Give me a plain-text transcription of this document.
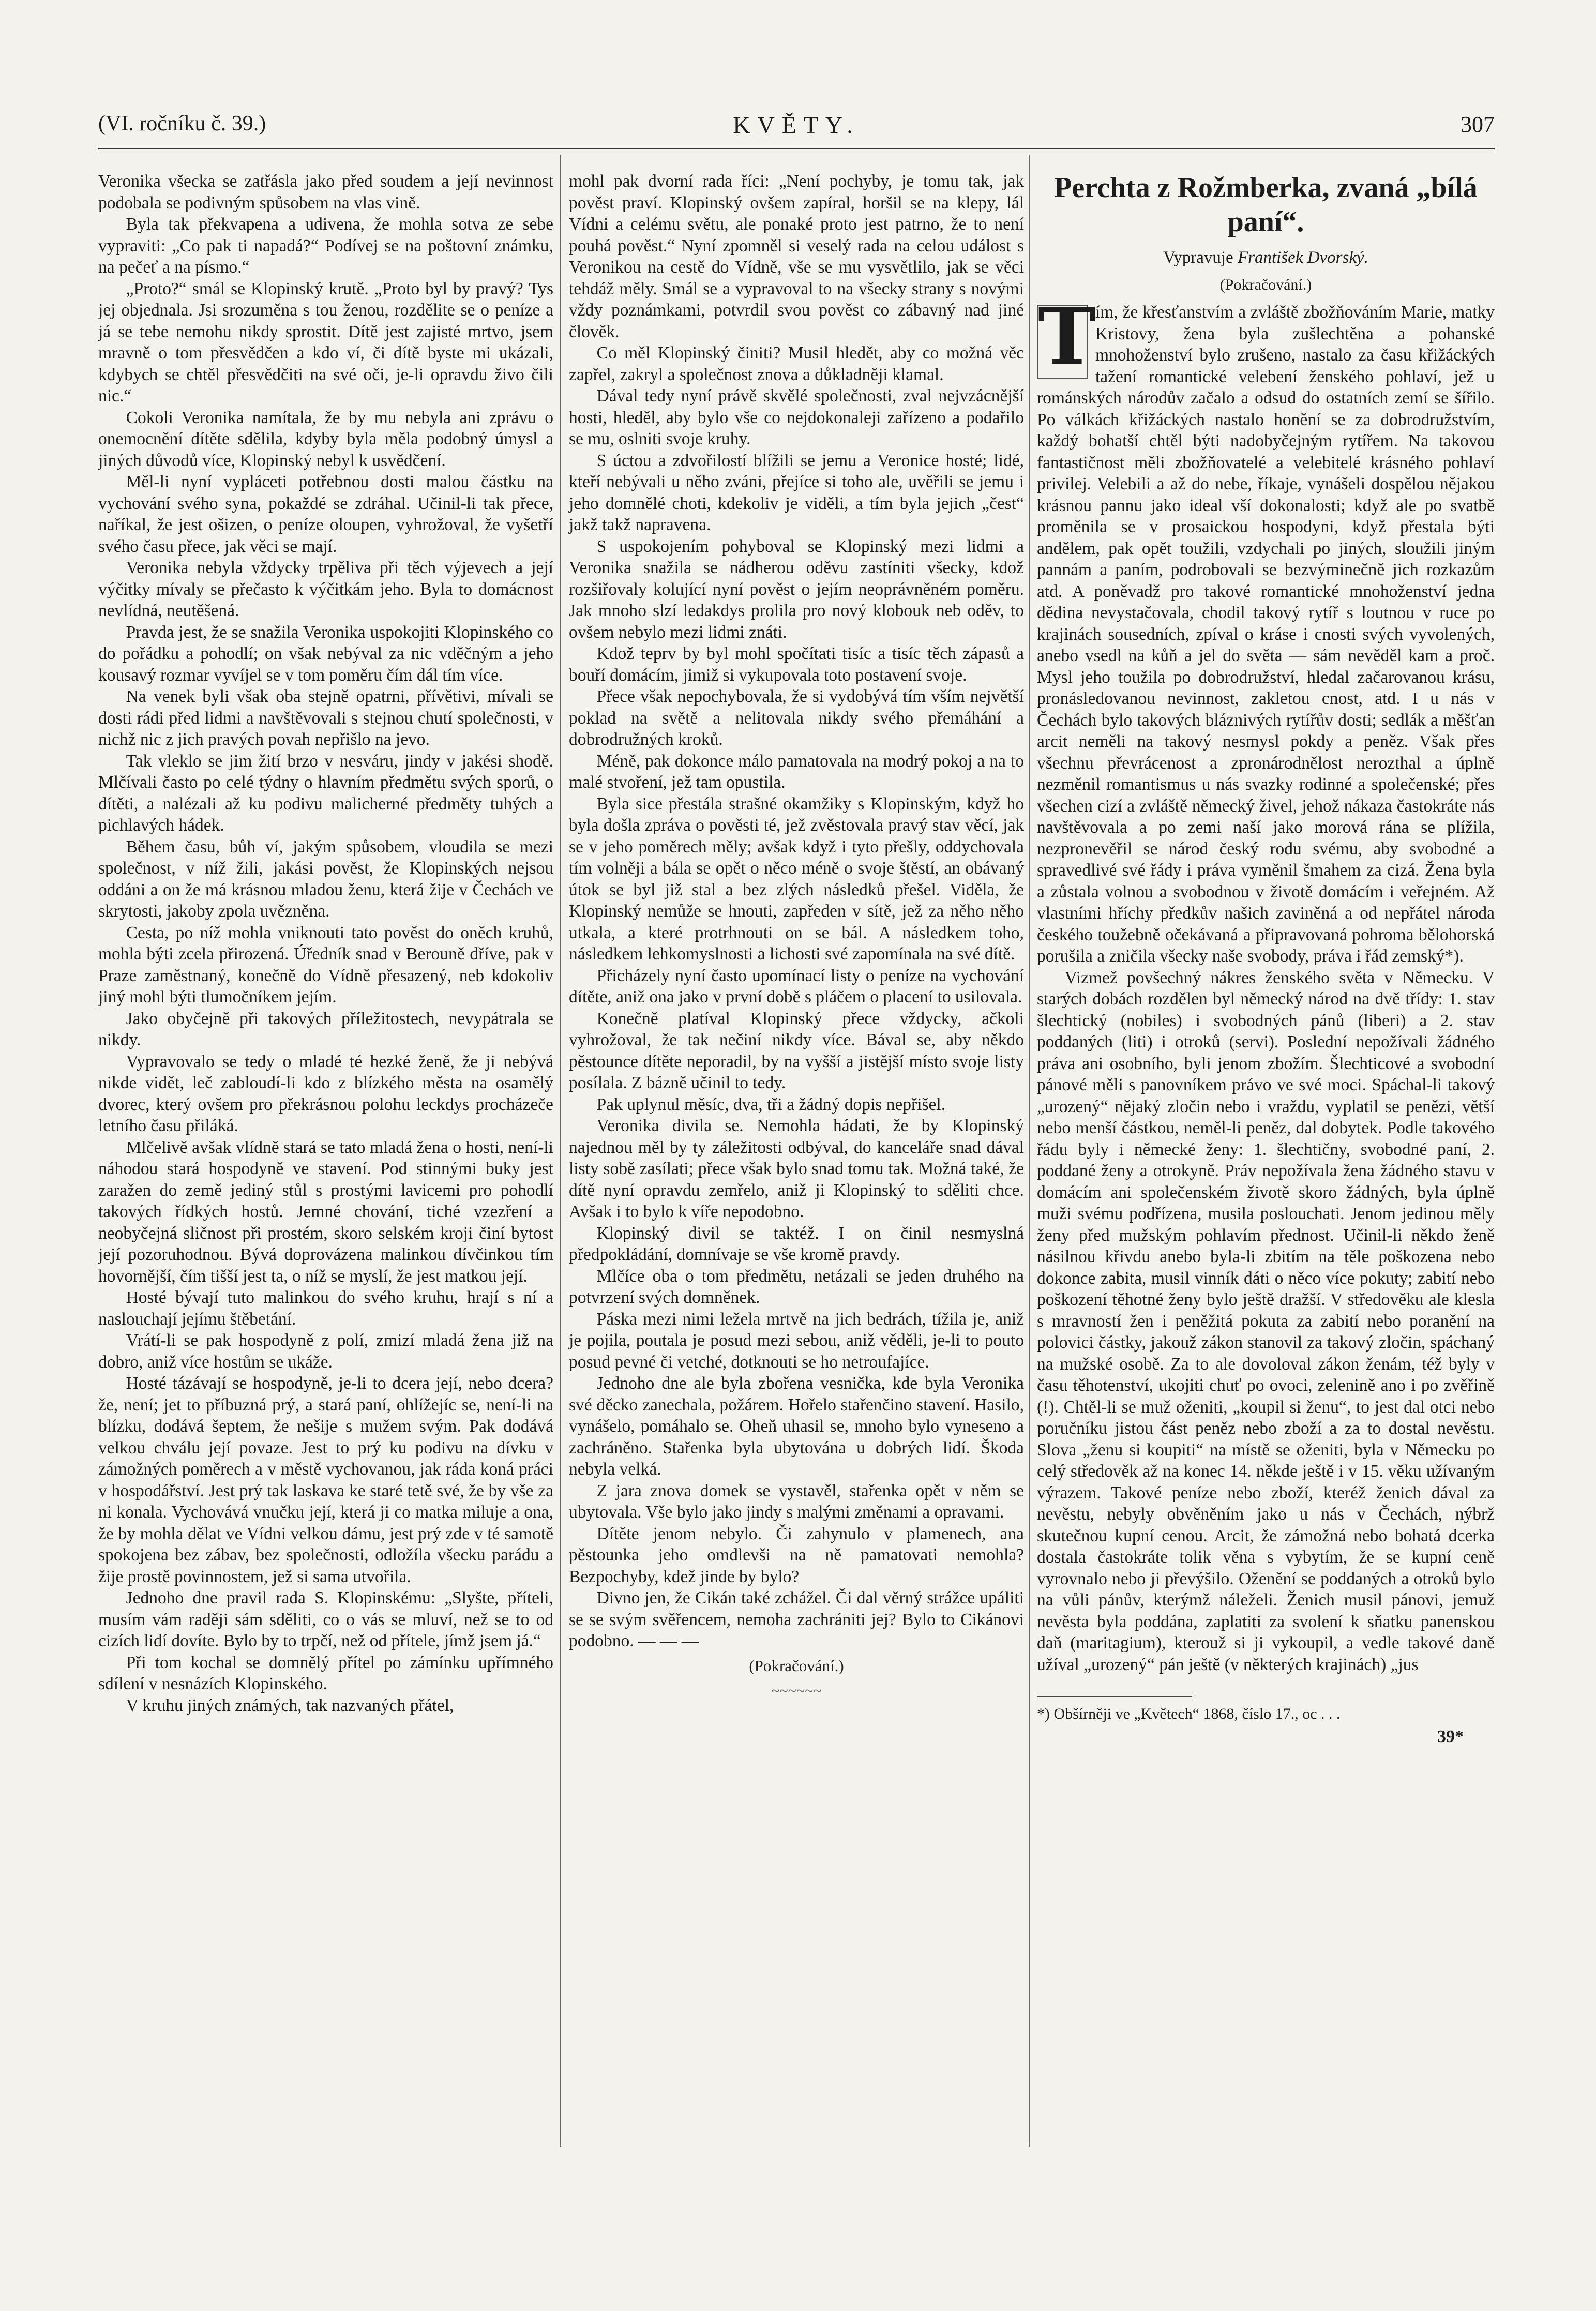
(VI. ročníku č. 39.)	KVĚTY.	307

Veronika všecka se zatřásla jako před soudem a její nevinnost podobala se podivným spůsobem na vlas vině.

Byla tak překvapena a udivena, že mohla sotva ze sebe vypraviti: „Co pak ti napadá?“ Podívej se na poštovní známku, na pečeť a na písmo.“

„Proto?“ smál se Klopinský krutě. „Proto byl by pravý? Tys jej objednala. Jsi srozuměna s tou ženou, rozdělite se o peníze a já se tebe nemohu nikdy sprostit. Dítě jest zajisté mrtvo, jsem mravně o tom přesvědčen a kdo ví, či dítě byste mi ukázali, kdybych se chtěl přesvědčiti na své oči, je-li opravdu živo čili nic.“

Cokoli Veronika namítala, že by mu nebyla ani zprávu o onemocnění dítěte sdělila, kdyby byla měla podobný úmysl a jiných důvodů více, Klopinský nebyl k usvědčení.

Měl-li nyní vypláceti potřebnou dosti malou částku na vychování svého syna, pokaždé se zdráhal. Učinil-li tak přece, naříkal, že jest ošizen, o peníze oloupen, vyhrožoval, že vyšetří svého času přece, jak věci se mají.

Veronika nebyla vždycky trpěliva při těch výjevech a její výčitky mívaly se přečasto k výčitkám jeho. Byla to domácnost nevlídná, neutěšená.

Pravda jest, že se snažila Veronika uspokojiti Klopinského co do pořádku a pohodlí; on však nebýval za nic vděčným a jeho kousavý rozmar vyvíjel se v tom poměru čím dál tím více.

Na venek byli však oba stejně opatrni, přívětivi, mívali se dosti rádi před lidmi a navštěvovali s stejnou chutí společnosti, v nichž nic z jich pravých povah nepřišlo na jevo.

Tak vleklo se jim žití brzo v nesváru, jindy v jakési shodě. Mlčívali často po celé týdny o hlavním předmětu svých sporů, o dítěti, a nalézali až ku podivu malicherné předměty tuhých a pichlavých hádek.

Během času, bůh ví, jakým spůsobem, vloudila se mezi společnost, v níž žili, jakási pověst, že Klopinských nejsou oddáni a on že má krásnou mladou ženu, která žije v Čechách ve skrytosti, jakoby zpola uvězněna.

Cesta, po níž mohla vniknouti tato pověst do oněch kruhů, mohla býti zcela přirozená. Úředník snad v Berouně dříve, pak v Praze zaměstnaný, konečně do Vídně přesazený, neb kdokoliv jiný mohl býti tlumočníkem jejím.

Jako obyčejně při takových příležitostech, nevypátrala se nikdy.

Vypravovalo se tedy o mladé té hezké ženě, že ji nebývá nikde vidět, leč zabloudí-li kdo z blízkého města na osamělý dvorec, který ovšem pro překrásnou polohu leckdys procházeče letního času přiláká.

Mlčelivě avšak vlídně stará se tato mladá žena o hosti, není-li náhodou stará hospodyně ve stavení. Pod stinnými buky jest zaražen do země jediný stůl s prostými lavicemi pro pohodlí takových řídkých hostů. Jemné chování, tiché vzezření a neobyčejná sličnost při prostém, skoro selském kroji činí bytost její pozoruhodnou. Bývá doprovázena malinkou dívčinkou tím hovornější, čím tišší jest ta, o níž se myslí, že jest matkou její.

Hosté bývají tuto malinkou do svého kruhu, hrají s ní a naslouchají jejímu štěbetání.

Vrátí-li se pak hospodyně z polí, zmizí mladá žena již na dobro, aniž více hostům se ukáže.

Hosté tázávají se hospodyně, je-li to dcera její, nebo dcera? že, není; jet to příbuzná prý, a stará paní, ohlížejíc se, není-li na blízku, dodává šeptem, že nešije s mužem svým. Pak dodává velkou chválu její povaze. Jest to prý ku podivu na dívku v zámožných poměrech a v městě vychovanou, jak ráda koná práci v hospodářství. Jest prý tak laskava ke staré tetě své, že by vše za ni konala. Vychovává vnučku její, která ji co matka miluje a ona, že by mohla dělat ve Vídni velkou dámu, jest prý zde v té samotě spokojena bez zábav, bez společnosti, odložíla všecku parádu a žije prostě povinnostem, jež si sama utvořila.

Jednoho dne pravil rada S. Klopinskému: „Slyšte, příteli, musím vám raději sám sděliti, co o vás se mluví, než se to od cizích lidí dovíte. Bylo by to trpčí, než od přítele, jímž jsem já.“

Při tom kochal se domnělý přítel po zámínku upřímného sdílení v nesnázích Klopinského.

V kruhu jiných známých, tak nazvaných přátel,

mohl pak dvorní rada říci: „Není pochyby, je tomu tak, jak pověst praví. Klopinský ovšem zapíral, horšil se na klepy, lál Vídni a celému světu, ale ponaké proto jest patrno, že to není pouhá pověst.“ Nyní zpomněl si veselý rada na celou událost s Veronikou na cestě do Vídně, vše se mu vysvětlilo, jak se věci tehdáž měly. Smál se a vypravoval to na všecky strany s novými vždy poznámkami, potvrdil svou pověst co zábavný nad jiné člověk.

Co měl Klopinský činiti? Musil hledět, aby co možná věc zapřel, zakryl a společnost znova a důkladněji klamal.

Dával tedy nyní právě skvělé společnosti, zval nejvzácnější hosti, hleděl, aby bylo vše co nejdokonaleji zařízeno a podařilo se mu, oslniti svoje kruhy.

S úctou a zdvořilostí blížili se jemu a Veronice hosté; lidé, kteří nebývali u něho zváni, přejíce si toho ale, uvěřili se jemu i jeho domnělé choti, kdekoliv je viděli, a tím byla jejich „čest“ jakž takž napravena.

S uspokojením pohyboval se Klopinský mezi lidmi a Veronika snažila se nádherou oděvu zastíniti všecky, kdož rozšiřovaly kolující nyní pověst o jejím neoprávněném poměru. Jak mnoho slzí ledakdys prolila pro nový klobouk neb oděv, to ovšem nebylo mezi lidmi znáti.

Kdož teprv by byl mohl spočítati tisíc a tisíc těch zápasů a bouří domácím, jimiž si vykupovala toto postavení svoje.

Přece však nepochybovala, že si vydobývá tím vším největší poklad na světě a nelitovala nikdy svého přemáhání a dobrodružných kroků.

Méně, pak dokonce málo pamatovala na modrý pokoj a na to malé stvoření, jež tam opustila.

Byla sice přestála strašné okamžiky s Klopinským, když ho byla došla zpráva o pověsti té, jež zvěstovala pravý stav věcí, jak se v jeho poměrech měly; avšak když i tyto přešly, oddychovala tím volněji a bála se opět o něco méně o svoje štěstí, an obávaný útok se byl již stal a bez zlých následků přešel. Viděla, že Klopinský nemůže se hnouti, zapředen v sítě, jež za něho něho utkala, a které protrhnouti on se bál. A následkem toho, následkem lehkomyslnosti a lichosti své zapomínala na své dítě.

Přicházely nyní často upomínací listy o peníze na vychování dítěte, aniž ona jako v první době s pláčem o placení to usilovala.

Konečně platíval Klopinský přece vždycky, ačkoli vyhrožoval, že tak nečiní nikdy více. Bával se, aby někdo pěstounce dítěte neporadil, by na vyšší a jistější místo svoje listy posílala. Z bázně učinil to tedy.

Pak uplynul měsíc, dva, tři a žádný dopis nepřišel.

Veronika divila se. Nemohla hádati, že by Klopinský najednou měl by ty záležitosti odbýval, do kanceláře snad dával listy sobě zasílati; přece však bylo snad tomu tak. Možná také, že dítě nyní opravdu zemřelo, aniž ji Klopinský to sděliti chce. Avšak i to bylo k víře nepodobno.

Klopinský divil se taktéž. I on činil nesmyslná předpokládání, domnívaje se vše kromě pravdy.

Mlčíce oba o tom předmětu, netázali se jeden druhého na potvrzení svých domněnek.

Páska mezi nimi ležela mrtvě na jich bedrách, tížila je, aniž je pojila, poutala je posud mezi sebou, aniž věděli, je-li to pouto posud pevné či vetché, dotknouti se ho netroufajíce.

Jednoho dne ale byla zbořena vesnička, kde byla Veronika své děcko zanechala, požárem. Hořelo stařenčino stavení. Hasilo, vynášelo, pomáhalo se. Oheň uhasil se, mnoho bylo vyneseno a zachráněno. Stařenka byla ubytována u dobrých lidí. Škoda nebyla velká.

Z jara znova domek se vystavěl, stařenka opět v něm se ubytovala. Vše bylo jako jindy s malými změnami a opravami.

Dítěte jenom nebylo. Či zahynulo v plamenech, ana pěstounka jeho omdlevši na ně pamatovati nemohla? Bezpochyby, kdež jinde by bylo?

Divno jen, že Cikán také zchážel. Či dal věrný strážce upáliti se se svým svěřencem, nemoha zachrániti jej? Bylo to Cikánovi podobno. — — —

(Pokračování.)
~~~~~~
Perchta z Rožmberka, zvaná „bílá paní“.
Vypravuje František Dvorský.
(Pokračování.)
T ím, že křesťanstvím a zvláště zbožňováním Marie, matky Kristovy, žena byla zušlechtěna a pohanské mnohoženství bylo zrušeno, nastalo za času křižáckých tažení romantické velebení ženského pohlaví, jež u románských národův začalo a odsud do ostatních zemí se šířilo. Po válkách křižáckých nastalo honění se za dobrodružstvím, každý bohatší chtěl býti nadobyčejným rytířem. Na takovou fantastičnost měli zbožňovatelé a velebitelé krásného pohlaví privilej. Velebili a až do nebe, říkaje, vynášeli dospělou nějakou krásnou pannu jako ideal vší dokonalosti; když ale po svatbě proměnila se v prosaickou hospodyni, když přestala býti andělem, pak opět toužili, vzdychali po jiných, sloužili jiným pannám a paním, podrobovali se bezvýminečně jich rozkazům atd. A poněvadž pro takové romantické mnohoženství jedna dědina nevystačovala, chodil takový rytíř s loutnou v ruce po krajinách sousedních, zpíval o kráse i cnosti svých vyvolených, anebo vsedl na kůň a jel do světa — sám nevěděl kam a proč. Mysl jeho toužila po dobrodružství, hledal začarovanou krásu, pronásledovanou nevinnost, zakletou cnost, atd. I u nás v Čechách bylo takových bláznivých rytířův dosti; sedlák a měšťan arcit neměli na takový nesmysl pokdy a peněz. Však přes všechnu převrácenost a zpronárodnělost nerozthal a úplně nezměnil romantismus u nás svazky rodinné a společenské; přes všechen cizí a zvláště německý živel, jehož nákaza častokráte nás navštěvovala a po zemi naší jako morová rána se plížila, nezpronevěřil se národ český rodu svému, aby svobodné a spravedlivé své řády i práva vyměnil šmahem za cizá. Žena byla a zůstala volnou a svobodnou v životě domácím i veřejném. Až vlastními hříchy předkův našich zaviněná a od nepřátel národa českého toužebně očekávaná a připravovaná pohroma bělohorská porušila a zničila všecky naše svobody, práva i řád zemský*).

Vizmež povšechný nákres ženského světa v Německu. V starých dobách rozdělen byl německý národ na dvě třídy: 1. stav šlechtický (nobiles) i svobodných pánů (liberi) a 2. stav poddaných (liti) i otroků (servi). Poslední nepožívali žádného práva ani osobního, byli jenom zbožím. Šlechticové a svobodní pánové měli s panovníkem právo ve své moci. Spáchal-li takový „urozený“ nějaký zločin nebo i vraždu, vyplatil se penězi, větší nebo menší částkou, neměl-li peněz, dal dobytek. Podle takového řádu byly i německé ženy: 1. šlechtičny, svobodné paní, 2. poddané ženy a otrokyně. Práv nepožívala žena žádného stavu v domácím ani společenském životě skoro žádných, byla úplně muži svému podřízena, musila poslouchati. Jenom jedinou měly ženy před mužským pohlavím přednost. Učinil-li někdo ženě násilnou křivdu anebo byla-li zbitím na těle poškozena nebo dokonce zabita, musil vinník dáti o něco více pokuty; zabití nebo poškození těhotné ženy bylo ještě dražší. V středověku ale klesla s mravností žen i peněžitá pokuta za zabití nebo poranění na polovici částky, jakouž zákon stanovil za takový zločin, spáchaný na mužské osobě. Za to ale dovoloval zákon ženám, též byly v času těhotenství, ukojiti chuť po ovoci, zelenině ano i po zvěřině (!). Chtěl-li se muž oženiti, „koupil si ženu“, to jest dal otci nebo poručníku jistou část peněz nebo zboží a za to dostal nevěstu. Slova „ženu si koupiti“ na místě se oženiti, byla v Německu po celý středověk až na konec 14. někde ještě i v 15. věku užívaným výrazem. Takové peníze nebo zboží, kteréž ženich dával za nevěstu, nebyly obvěněním jako u nás v Čechách, nýbrž skutečnou kupní cenou. Arcit, že zámožná nebo bohatá dcerka dostala častokráte tolik věna s vybytím, že se kupní ceně vyrovnalo nebo ji převýšilo. Oženění se poddaných a otroků bylo na vůli pánův, kterýmž náleželi. Ženich musil pánovi, jemuž nevěsta byla poddána, zaplatiti za svolení k sňatku panenskou daň (maritagium), kterouž si ji vykoupil, a vedle takové daně užíval „urozený“ pán ještě (v některých krajinách) „jus

*) Obšírněji ve „Květech“ 1868, číslo 17., oc . . .

39*
